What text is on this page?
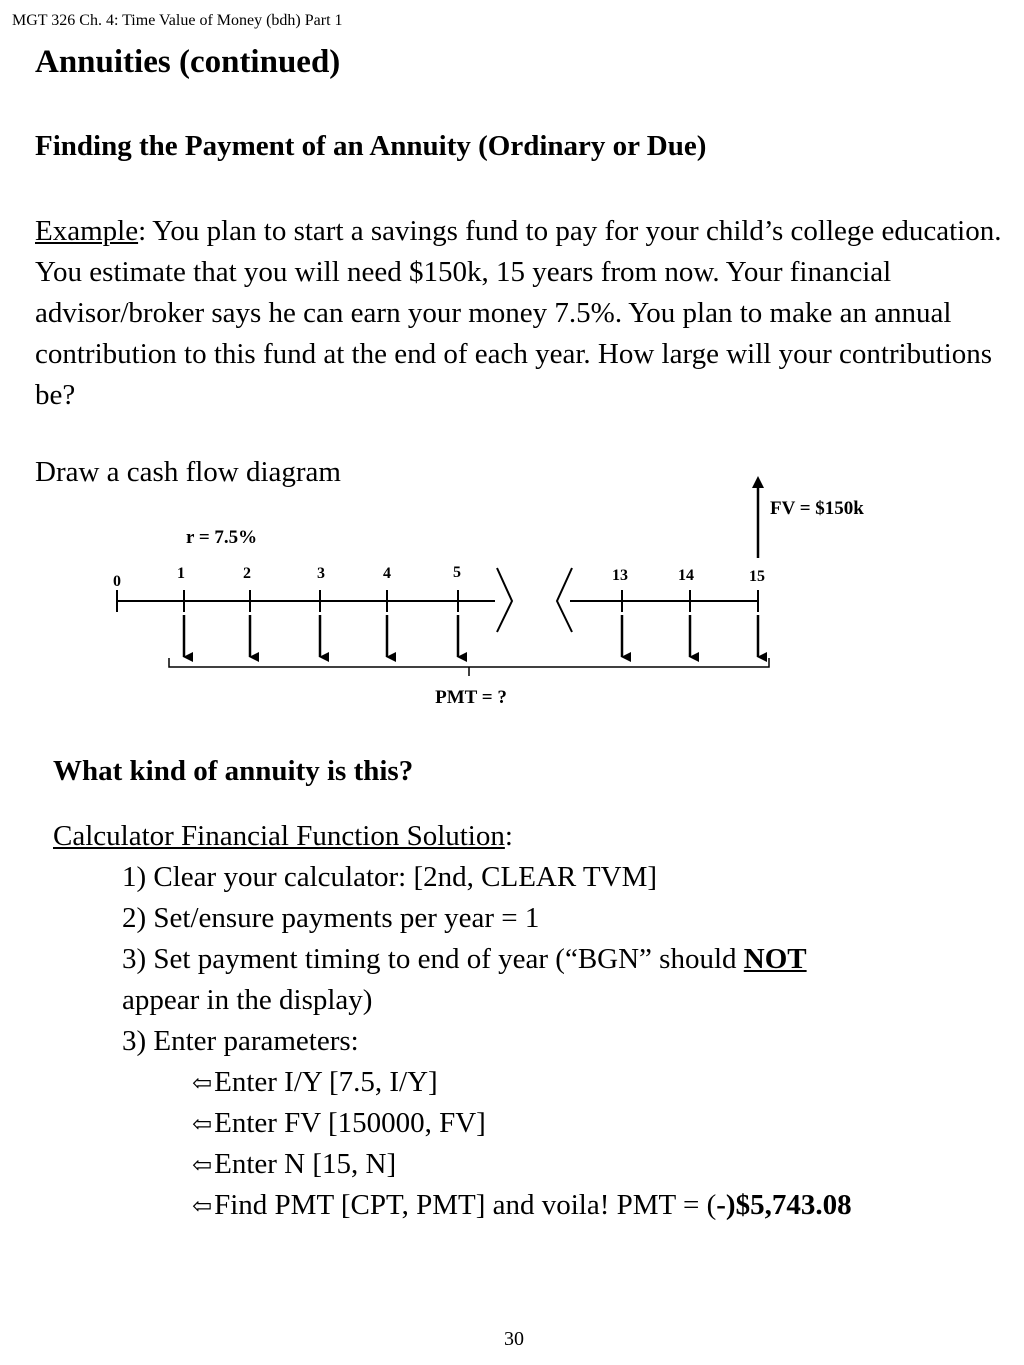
MGT 326 Ch. 4: Time Value of Money (bdh) Part 1
Annuities (continued)
Finding the Payment of an Annuity (Ordinary or Due)
Example: You plan to start a savings fund to pay for your child’s college education. You estimate that you will need $150k, 15 years from now. Your financial advisor/broker says he can earn your money 7.5%. You plan to make an annual contribution to this fund at the end of each year. How large will your contributions be?
Draw a cash flow diagram
0	1	2	3	4	5	13	14	15
r = 7.5%
FV = $150k
PMT = ?
What kind of annuity is this?
Calculator Financial Function Solution:
1) Clear your calculator: [2nd, CLEAR TVM]
2) Set/ensure payments per year = 1
3) Set payment timing to end of year (“BGN” should NOT
appear in the display)
3) Enter parameters:
⇦Enter I/Y [7.5, I/Y]
⇦Enter FV [150000, FV]
⇦Enter N [15, N]
⇦Find PMT [CPT, PMT] and voila! PMT = (-)$5,743.08
30
